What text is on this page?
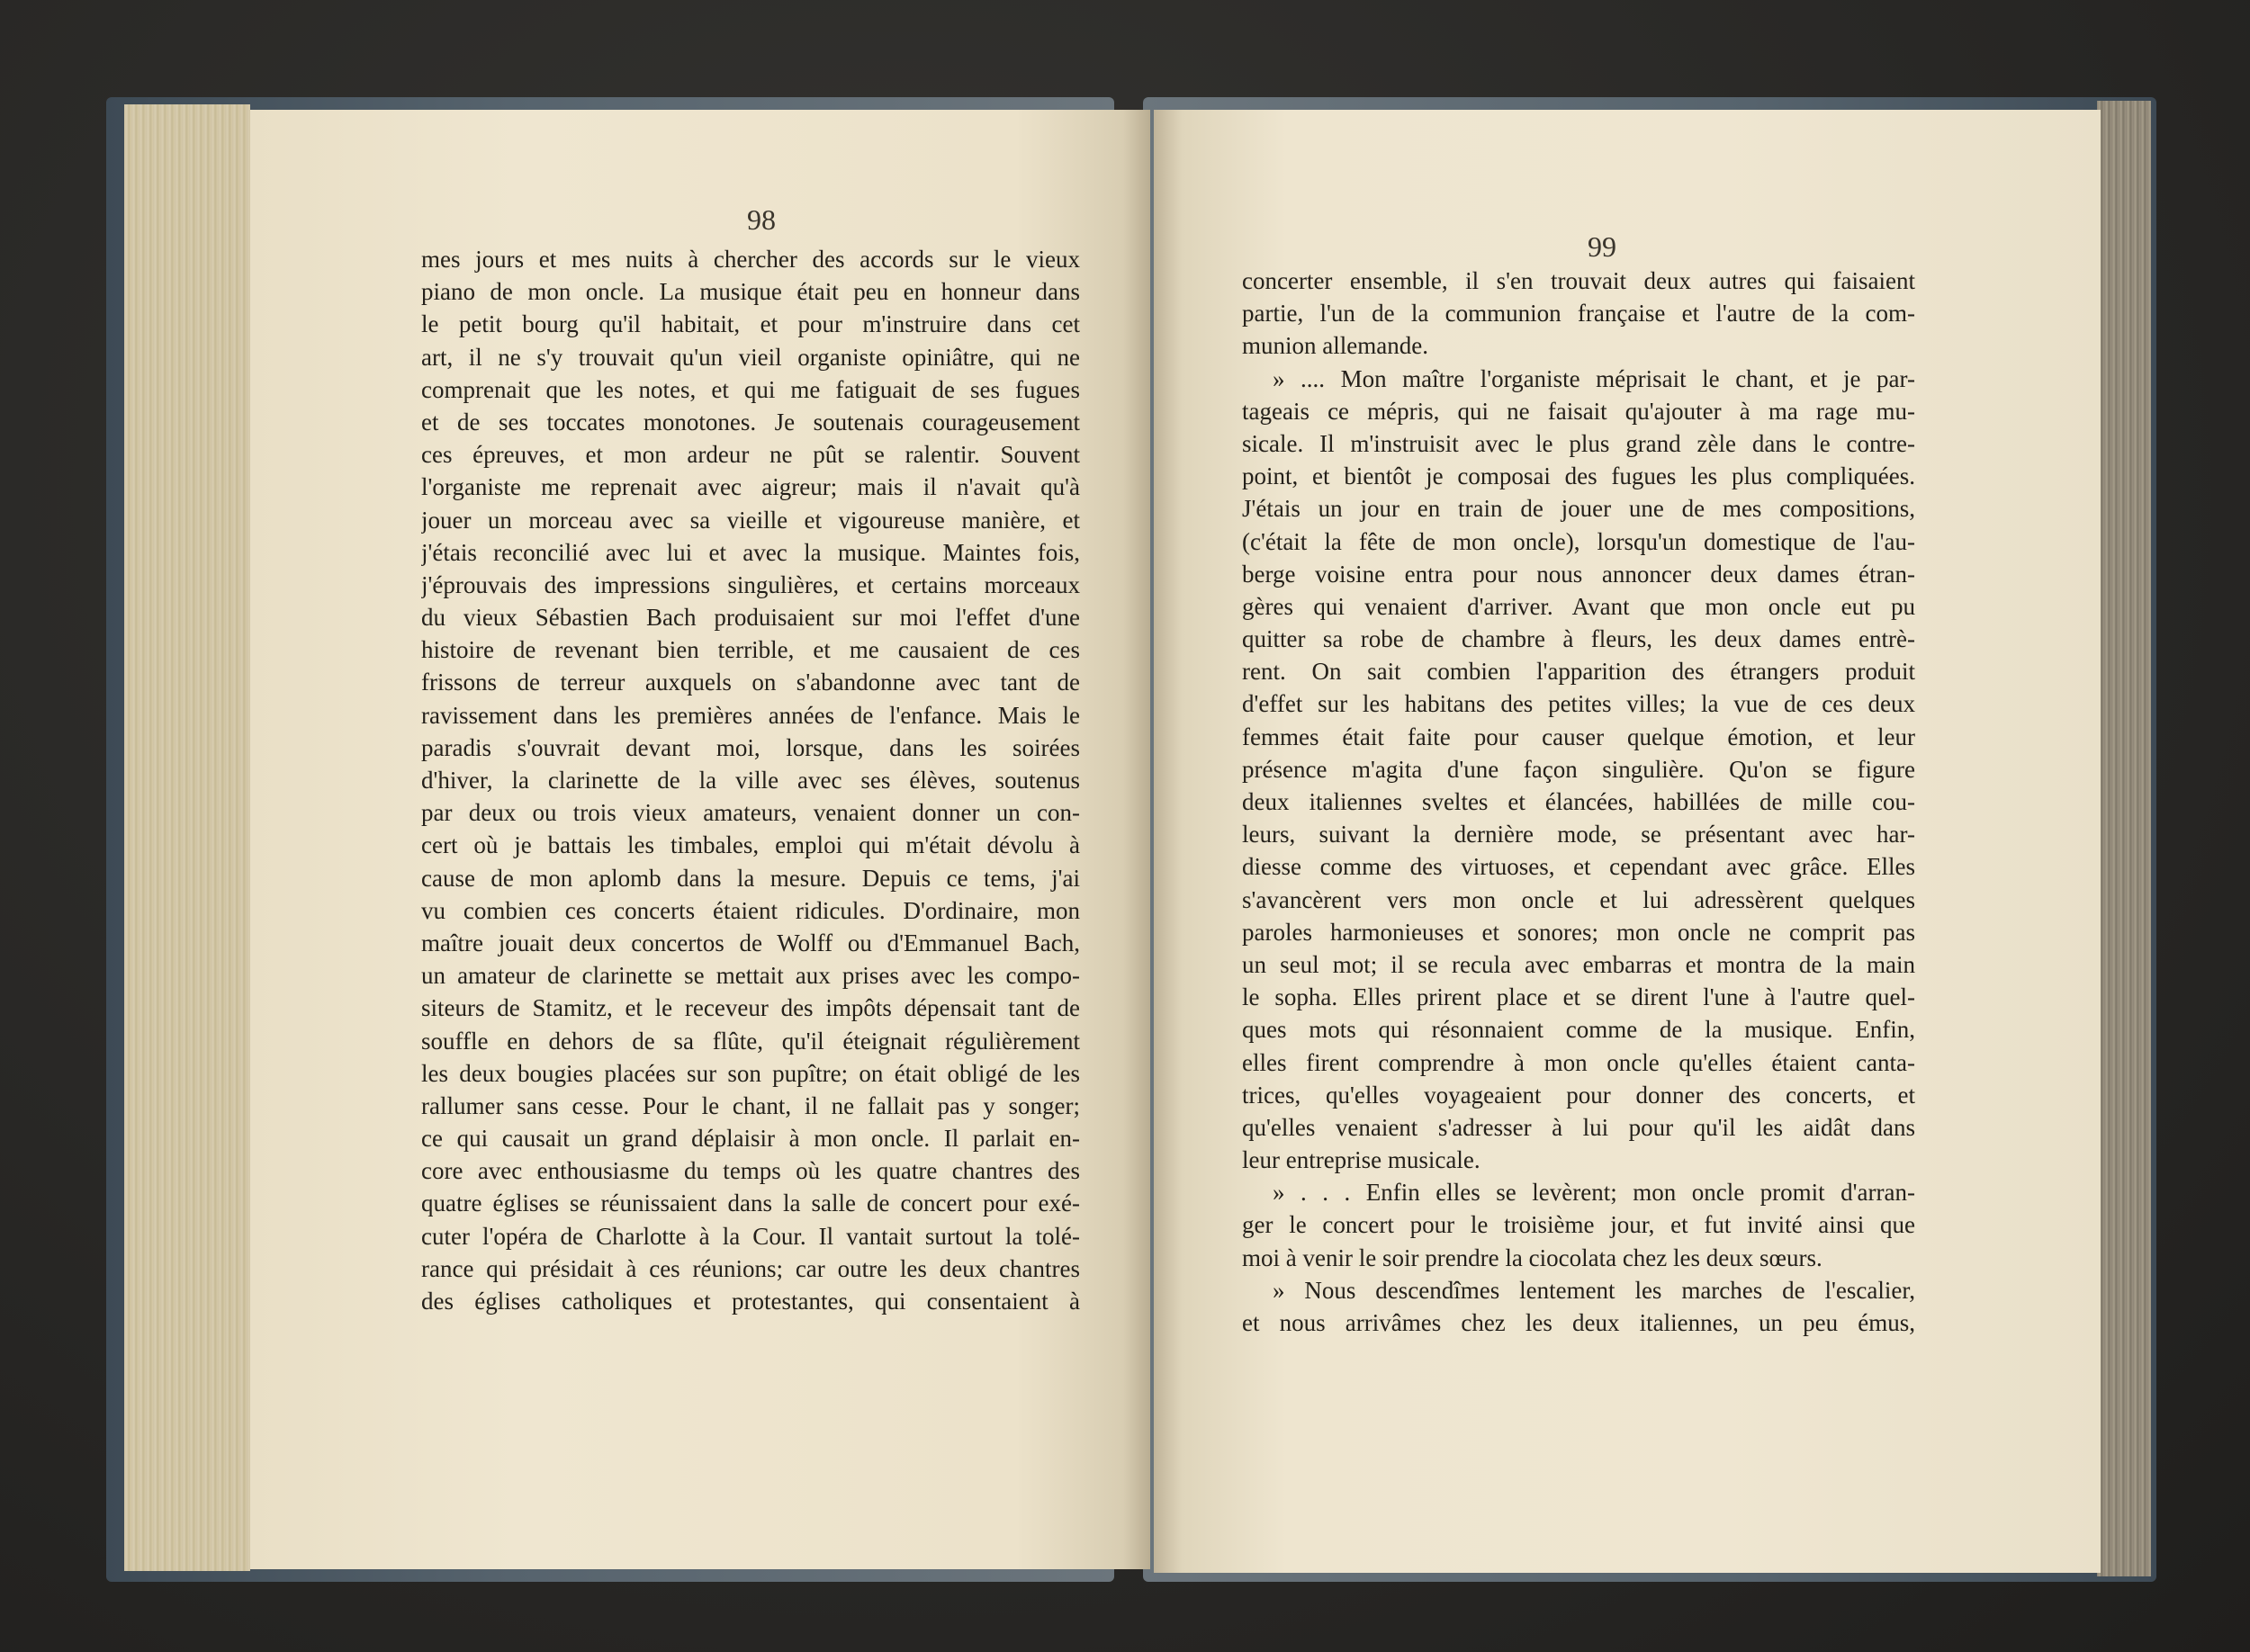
98
mes jours et mes nuits à chercher des accords sur le vieux
piano de mon oncle. La musique était peu en honneur dans
le petit bourg qu'il habitait, et pour m'instruire dans cet
art, il ne s'y trouvait qu'un vieil organiste opiniâtre, qui ne
comprenait que les notes, et qui me fatiguait de ses fugues
et de ses toccates monotones. Je soutenais courageusement
ces épreuves, et mon ardeur ne pût se ralentir. Souvent
l'organiste me reprenait avec aigreur; mais il n'avait qu'à
jouer un morceau avec sa vieille et vigoureuse manière, et
j'étais reconcilié avec lui et avec la musique. Maintes fois,
j'éprouvais des impressions singulières, et certains morceaux
du vieux Sébastien Bach produisaient sur moi l'effet d'une
histoire de revenant bien terrible, et me causaient de ces
frissons de terreur auxquels on s'abandonne avec tant de
ravissement dans les premières années de l'enfance. Mais le
paradis s'ouvrait devant moi, lorsque, dans les soirées
d'hiver, la clarinette de la ville avec ses élèves, soutenus
par deux ou trois vieux amateurs, venaient donner un con-
cert où je battais les timbales, emploi qui m'était dévolu à
cause de mon aplomb dans la mesure. Depuis ce tems, j'ai
vu combien ces concerts étaient ridicules. D'ordinaire, mon
maître jouait deux concertos de Wolff ou d'Emmanuel Bach,
un amateur de clarinette se mettait aux prises avec les compo-
siteurs de Stamitz, et le receveur des impôts dépensait tant de
souffle en dehors de sa flûte, qu'il éteignait régulièrement
les deux bougies placées sur son pupître; on était obligé de les
rallumer sans cesse. Pour le chant, il ne fallait pas y songer;
ce qui causait un grand déplaisir à mon oncle. Il parlait en-
core avec enthousiasme du temps où les quatre chantres des
quatre églises se réunissaient dans la salle de concert pour exé-
cuter l'opéra de Charlotte à la Cour. Il vantait surtout la tolé-
rance qui présidait à ces réunions; car outre les deux chantres
des églises catholiques et protestantes, qui consentaient à
99
concerter ensemble, il s'en trouvait deux autres qui faisaient
partie, l'un de la communion française et l'autre de la com-
munion allemande.
» .... Mon maître l'organiste méprisait le chant, et je par-
tageais ce mépris, qui ne faisait qu'ajouter à ma rage mu-
sicale. Il m'instruisit avec le plus grand zèle dans le contre-
point, et bientôt je composai des fugues les plus compliquées.
J'étais un jour en train de jouer une de mes compositions,
(c'était la fête de mon oncle), lorsqu'un domestique de l'au-
berge voisine entra pour nous annoncer deux dames étran-
gères qui venaient d'arriver. Avant que mon oncle eut pu
quitter sa robe de chambre à fleurs, les deux dames entrè-
rent. On sait combien l'apparition des étrangers produit
d'effet sur les habitans des petites villes; la vue de ces deux
femmes était faite pour causer quelque émotion, et leur
présence m'agita d'une façon singulière. Qu'on se figure
deux italiennes sveltes et élancées, habillées de mille cou-
leurs, suivant la dernière mode, se présentant avec har-
diesse comme des virtuoses, et cependant avec grâce. Elles
s'avancèrent vers mon oncle et lui adressèrent quelques
paroles harmonieuses et sonores; mon oncle ne comprit pas
un seul mot; il se recula avec embarras et montra de la main
le sopha. Elles prirent place et se dirent l'une à l'autre quel-
ques mots qui résonnaient comme de la musique. Enfin,
elles firent comprendre à mon oncle qu'elles étaient canta-
trices, qu'elles voyageaient pour donner des concerts, et
qu'elles venaient s'adresser à lui pour qu'il les aidât dans
leur entreprise musicale.
» . . . Enfin elles se levèrent; mon oncle promit d'arran-
ger le concert pour le troisième jour, et fut invité ainsi que
moi à venir le soir prendre la ciocolata chez les deux sœurs.
» Nous descendîmes lentement les marches de l'escalier,
et nous arrivâmes chez les deux italiennes, un peu émus,
